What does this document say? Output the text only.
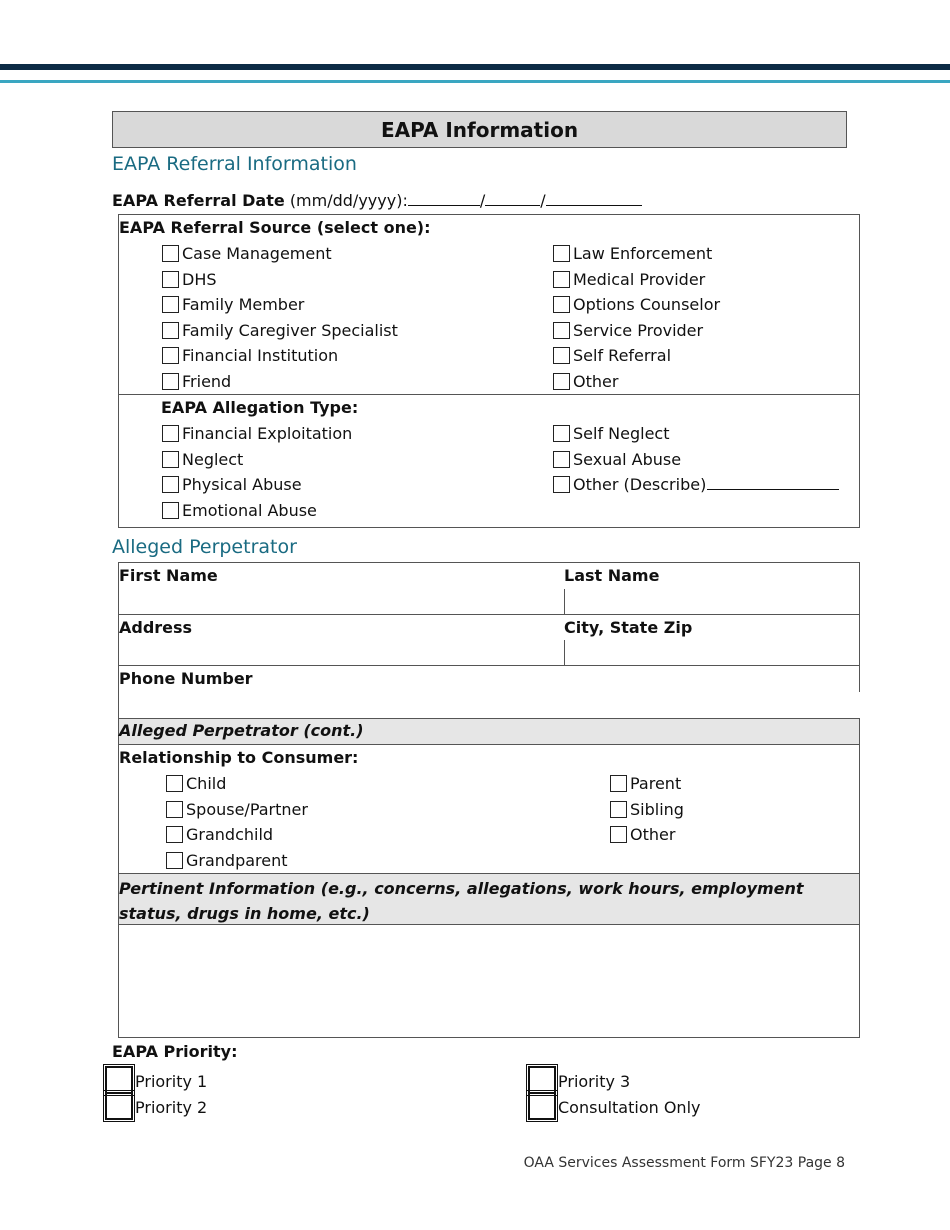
EAPA Information
EAPA Referral Information
EAPA Referral Date (mm/dd/yyyy):	/	/
EAPA Referral Source (select one):
Case Management
DHS
Family Member
Family Caregiver Specialist
Financial Institution
Friend
Law Enforcement
Medical Provider
Options Counselor
Service Provider
Self Referral
Other
EAPA Allegation Type:
Financial Exploitation
Neglect
Physical Abuse
Emotional Abuse
Self Neglect
Sexual Abuse
Other (Describe)
Alleged Perpetrator
First Name	Last Name
Address	City, State Zip
Phone Number
Alleged Perpetrator (cont.)
Relationship to Consumer:
Child
Spouse/Partner
Grandchild
Grandparent
Parent
Sibling
Other
Pertinent Information (e.g., concerns, allegations, work hours, employment status, drugs in home, etc.)
EAPA Priority:
Priority 1
Priority 2
Priority 3
Consultation Only
OAA Services Assessment Form SFY23 Page 8
